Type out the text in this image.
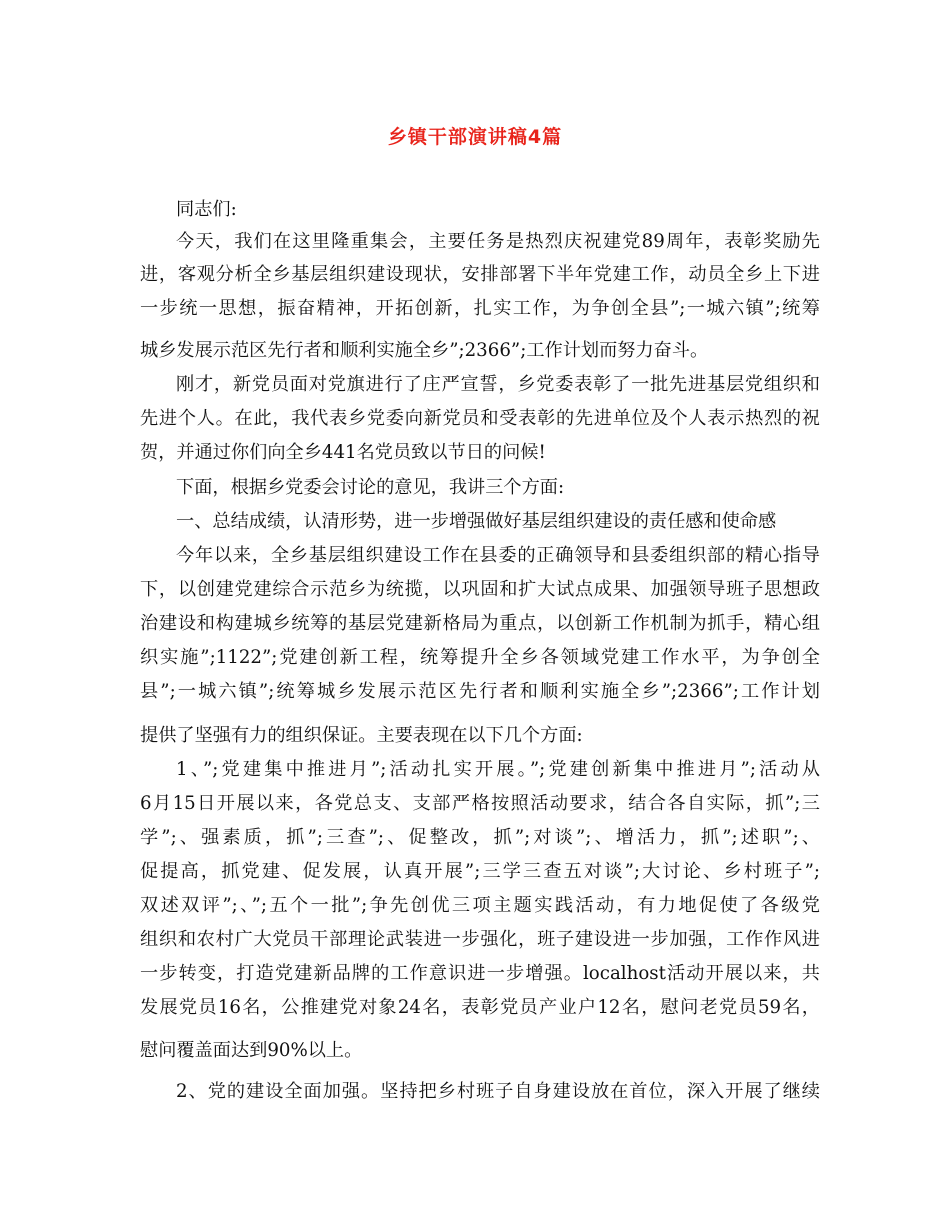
乡镇干部演讲稿4篇

同志们:

今天，我们在这里隆重集会，主要任务是热烈庆祝建党89周年，表彰奖励先

进，客观分析全乡基层组织建设现状，安排部署下半年党建工作，动员全乡上下进

一步统一思想，振奋精神，开拓创新，扎实工作，为争创全县”;一城六镇”;统筹

城乡发展示范区先行者和顺利实施全乡”;2366”;工作计划而努力奋斗。

刚才，新党员面对党旗进行了庄严宣誓，乡党委表彰了一批先进基层党组织和

先进个人。在此，我代表乡党委向新党员和受表彰的先进单位及个人表示热烈的祝

贺，并通过你们向全乡441名党员致以节日的问候!

下面，根据乡党委会讨论的意见，我讲三个方面:

一、总结成绩，认清形势，进一步增强做好基层组织建设的责任感和使命感

今年以来，全乡基层组织建设工作在县委的正确领导和县委组织部的精心指导

下，以创建党建综合示范乡为统揽，以巩固和扩大试点成果、加强领导班子思想政

治建设和构建城乡统筹的基层党建新格局为重点，以创新工作机制为抓手，精心组

织实施”;1122”;党建创新工程，统筹提升全乡各领域党建工作水平，为争创全

县”;一城六镇”;统筹城乡发展示范区先行者和顺利实施全乡”;2366”;工作计划

提供了坚强有力的组织保证。主要表现在以下几个方面:

1、”;党建集中推进月”;活动扎实开展。”;党建创新集中推进月”;活动从

6月15日开展以来，各党总支、支部严格按照活动要求，结合各自实际，抓”;三

学”;、强素质，抓”;三查”;、促整改，抓”;对谈”;、增活力，抓”;述职”;、

促提高，抓党建、促发展，认真开展”;三学三查五对谈”;大讨论、乡村班子”;

双述双评”;、”;五个一批”;争先创优三项主题实践活动，有力地促使了各级党

组织和农村广大党员干部理论武装进一步强化，班子建设进一步加强，工作作风进

一步转变，打造党建新品牌的工作意识进一步增强。localhost活动开展以来，共

发展党员16名，公推建党对象24名，表彰党员产业户12名，慰问老党员59名，

慰问覆盖面达到90%以上。

2、党的建设全面加强。坚持把乡村班子自身建设放在首位，深入开展了继续
